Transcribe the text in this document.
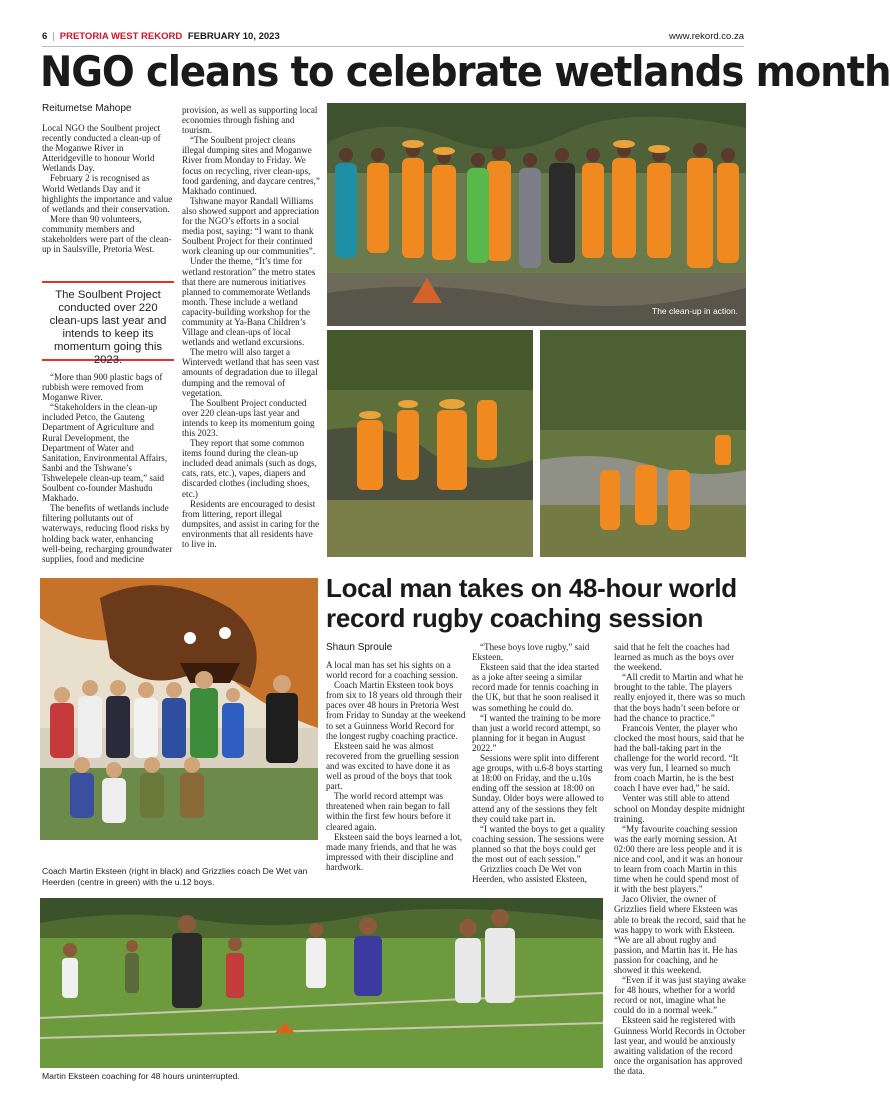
6 | PRETORIA WEST REKORD FEBRUARY 10, 2023	www.rekord.co.za
NGO cleans to celebrate wetlands month
Reitumetse Mahope

Local NGO the Soulbent project recently conducted a clean-up of the Moganwe River in Atteridgeville to honour World Wetlands Day.

February 2 is recognised as World Wetlands Day and it highlights the importance and value of wetlands and their conservation.

More than 90 volunteers, community members and stakeholders were part of the clean-up in Saulsville, Pretoria West.

The Soulbent Project conducted over 220 clean-ups last year and intends to keep its momentum going this 2023.

“More than 900 plastic bags of rubbish were removed from Moganwe River.

“Stakeholders in the clean-up included Petco, the Gauteng Department of Agriculture and Rural Development, the Department of Water and Sanitation, Environmental Affairs, Sanbi and the Tshwane’s Tshwelepele clean-up team,” said Soulbent co-founder Mashudu Makhado.

The benefits of wetlands include filtering pollutants out of waterways, reducing flood risks by holding back water, enhancing well-being, recharging groundwater supplies, food and medicine

provision, as well as supporting local economies through fishing and tourism.

“The Soulbent project cleans illegal dumping sites and Moganwe River from Monday to Friday. We focus on recycling, river clean-ups, food gardening, and daycare centres,” Makhado continued.

Tshwane mayor Randall Williams also showed support and appreciation for the NGO’s efforts in a social media post, saying: “I want to thank Soulbent Project for their continued work cleaning up our communities”.

Under the theme, “It’s time for wetland restoration” the metro states that there are numerous initiatives planned to commemorate Wetlands month. These include a wetland capacity-building workshop for the community at Ya-Bana Children’s Village and clean-ups of local wetlands and wetland excursions.

The metro will also target a Wintervedt wetland that has seen vast amounts of degradation due to illegal dumping and the removal of vegetation.

The Soulbent Project conducted over 220 clean-ups last year and intends to keep its momentum going this 2023.

They report that some common items found during the clean-up included dead animals (such as dogs, cats, rats, etc.), vapes, diapers and discarded clothes (including shoes, etc.)

Residents are encouraged to desist from littering, report illegal dumpsites, and assist in caring for the environments that all residents have to live in.

The clean-up in action.
Local man takes on 48-hour world record rugby coaching session
Shaun Sproule
Coach Martin Eksteen (right in black) and Grizzlies coach De Wet van Heerden (centre in green) with the u.12 boys.

A local man has set his sights on a world record for a coaching session.

Coach Martin Eksteen took boys from six to 18 years old through their paces over 48 hours in Pretoria West from Friday to Sunday at the weekend to set a Guinness World Record for the longest rugby coaching practice.

Eksteen said he was almost recovered from the gruelling session and was excited to have done it as well as proud of the boys that took part.

The world record attempt was threatened when rain began to fall within the first few hours before it cleared again.

Eksteen said the boys learned a lot, made many friends, and that he was impressed with their discipline and hardwork.

“These boys love rugby,” said Eksteen.

Eksteen said that the idea started as a joke after seeing a similar record made for tennis coaching in the UK, but that he soon realised it was something he could do.

“I wanted the training to be more than just a world record attempt, so planning for it began in August 2022.”

Sessions were split into different age groups, with u.6-8 boys starting at 18:00 on Friday, and the u.10s ending off the session at 18:00 on Sunday. Older boys were allowed to attend any of the sessions they felt they could take part in.

“I wanted the boys to get a quality coaching session. The sessions were planned so that the boys could get the most out of each session.”

Grizzlies coach De Wet von Heerden, who assisted Eksteen,

said that he felt the coaches had learned as much as the boys over the weekend.

“All credit to Martin and what he brought to the table. The players really enjoyed it, there was so much that the boys hadn’t seen before or had the chance to practice.”

Francois Venter, the player who clocked the most hours, said that he had the ball-taking part in the challenge for the world record. “It was very fun, I learned so much from coach Martin, he is the best coach I have ever had,” he said.

Venter was still able to attend school on Monday despite midnight training.

“My favourite coaching session was the early morning session. At 02:00 there are less people and it is nice and cool, and it was an honour to learn from coach Martin in this time when he could spend most of it with the best players.”

Jaco Olivier, the owner of Grizzlies field where Eksteen was able to break the record, said that he was happy to work with Eksteen. “We are all about rugby and passion, and Martin has it. He has passion for coaching, and he showed it this weekend.

“Even if it was just staying awake for 48 hours, whether for a world record or not, imagine what he could do in a normal week.”

Eksteen said he registered with Guinness World Records in October last year, and would be anxiously awaiting validation of the record once the organisation has approved the data.

Martin Eksteen coaching for 48 hours uninterrupted.
